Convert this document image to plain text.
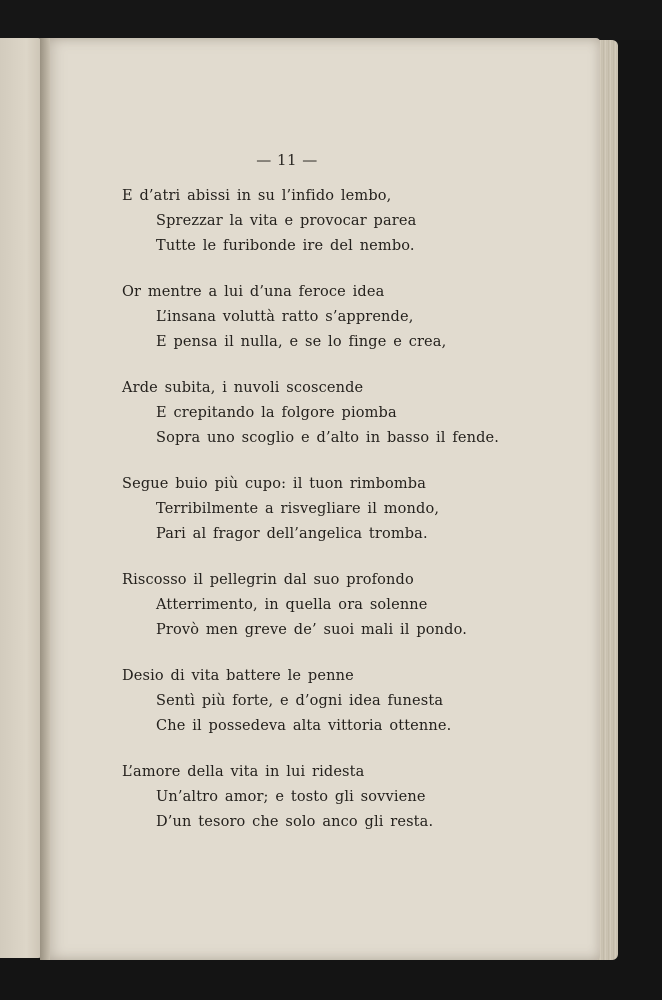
— 11 —
E d’atri abissi in su l’infido lembo,
Sprezzar la vita e provocar parea
Tutte le furibonde ire del nembo.
Or mentre a lui d’una feroce idea
L’insana voluttà ratto s’apprende,
E pensa il nulla, e se lo finge e crea,
Arde subita, i nuvoli scoscende
E crepitando la folgore piomba
Sopra uno scoglio e d’alto in basso il fende.
Segue buio più cupo: il tuon rimbomba
Terribilmente a risvegliare il mondo,
Pari al fragor dell’angelica tromba.
Riscosso il pellegrin dal suo profondo
Atterrimento, in quella ora solenne
Provò men greve de’ suoi mali il pondo.
Desio di vita battere le penne
Sentì più forte, e d’ogni idea funesta
Che il possedeva alta vittoria ottenne.
L’amore della vita in lui ridesta
Un’altro amor; e tosto gli sovviene
D’un tesoro che solo anco gli resta.
